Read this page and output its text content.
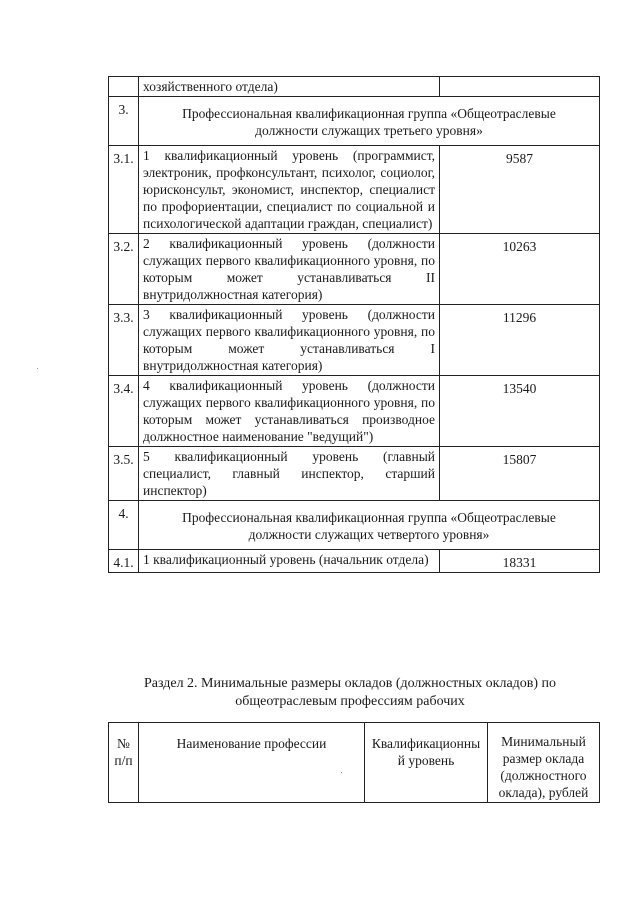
	хозяйственного отдела)	
3.	Профессиональная квалификационная группа «Общеотраслевые должности служащих третьего уровня»	
3.1.	1 квалификационный уровень (программист, электроник, профконсультант, психолог, социолог, юрисконсульт, экономист, инспектор, специалист по профориентации, специалист по социальной и психологической адаптации граждан, специалист)	9587
3.2.	2 квалификационный уровень (должности служащих первого квалификационного уровня, по которым может устанавливаться II внутридолжностная категория)	10263
3.3.	3 квалификационный уровень (должности служащих первого квалификационного уровня, по которым может устанавливаться I внутридолжностная категория)	11296
3.4.	4 квалификационный уровень (должности служащих первого квалификационного уровня, по которым может устанавливаться производное должностное наименование "ведущий")	13540
3.5.	5 квалификационный уровень (главный специалист, главный инспектор, старший инспектор)	15807
4.	Профессиональная квалификационная группа «Общеотраслевые должности служащих четвертого уровня»	
4.1.	1 квалификационный уровень (начальник отдела)	18331
Раздел 2. Минимальные размеры окладов (должностных окладов) по общеотраслевым профессиям рабочих
№ п/п	Наименование профессии	Квалификационный уровень	Минимальный размер оклада (должностного оклада), рублей
